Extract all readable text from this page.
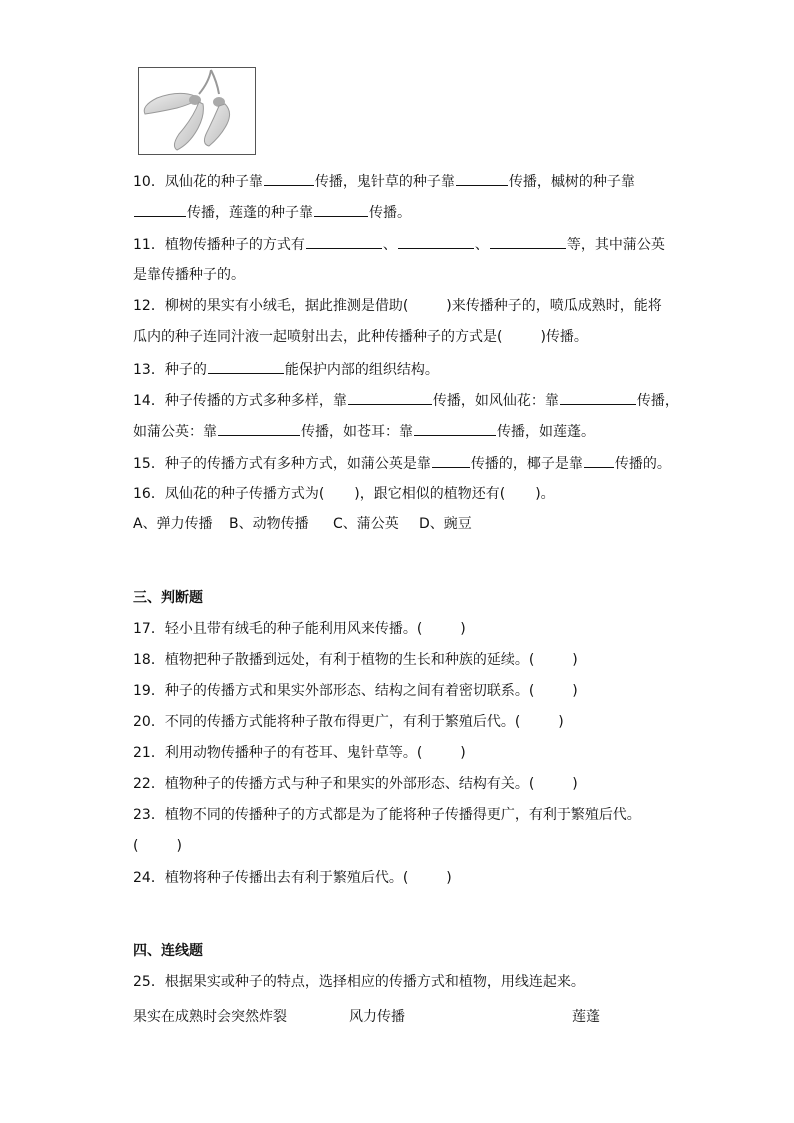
10．凤仙花的种子靠	传播，鬼针草的种子靠	传播，槭树的种子靠
传播，莲蓬的种子靠	传播。
11．植物传播种子的方式有	、	、	等，其中蒲公英
是靠传播种子的。
12．柳树的果实有小绒毛，据此推测是借助(	)来传播种子的，喷瓜成熟时，能将
瓜内的种子连同汁液一起喷射出去，此种传播种子的方式是(	)传播。
13．种子的	能保护内部的组织结构。
14．种子传播的方式多种多样，靠	传播，如风仙花：靠	传播，
如蒲公英：靠	传播，如苍耳：靠	传播，如莲蓬。
15．种子的传播方式有多种方式，如蒲公英是靠	传播的，椰子是靠 传播的。
16．凤仙花的种子传播方式为( )，跟它相似的植物还有( )。
A、弹力传播 B、动物传播 C、蒲公英 D、豌豆
三、判断题
17．轻小且带有绒毛的种子能利用风来传播。(	)
18．植物把种子散播到远处，有利于植物的生长和种族的延续。(	)
19．种子的传播方式和果实外部形态、结构之间有着密切联系。(	)
20．不同的传播方式能将种子散布得更广，有利于繁殖后代。(	)
21．利用动物传播种子的有苍耳、鬼针草等。(	)
22．植物种子的传播方式与种子和果实的外部形态、结构有关。(	)
23．植物不同的传播种子的方式都是为了能将种子传播得更广，有利于繁殖后代。
(	)
24．植物将种子传播出去有利于繁殖后代。(	)
四、连线题
25．根据果实或种子的特点，选择相应的传播方式和植物，用线连起来。
果实在成熟时会突然炸裂	风力传播	莲蓬
